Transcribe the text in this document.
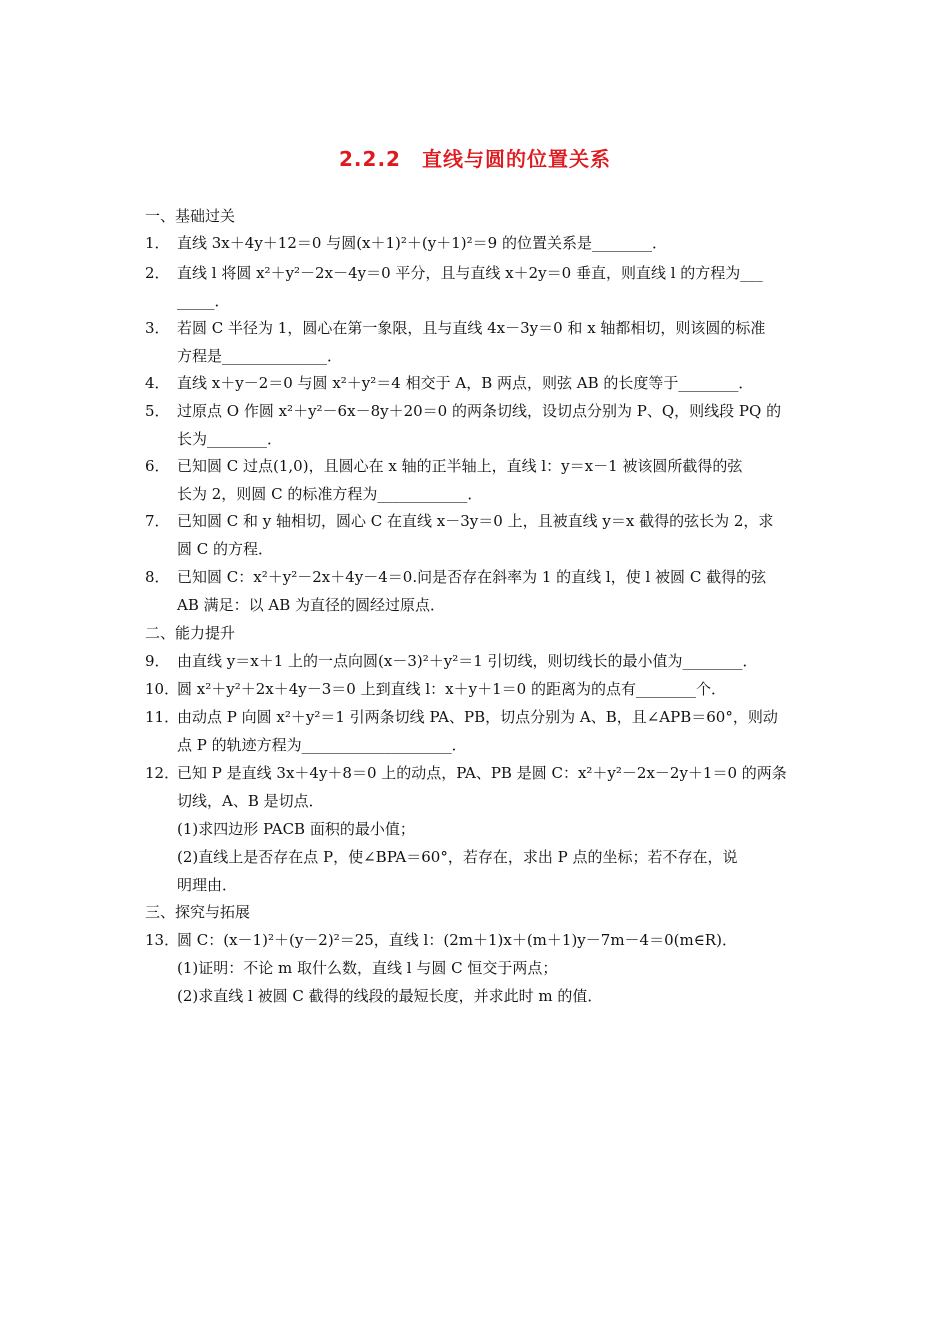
2.2.2　直线与圆的位置关系
一、基础过关
1． 直线 3x＋4y＋12＝0 与圆(x＋1)²＋(y＋1)²＝9 的位置关系是________．
2． 直线 l 将圆 x²＋y²－2x－4y＝0 平分，且与直线 x＋2y＝0 垂直，则直线 l 的方程为___
_____．
3． 若圆 C 半径为 1，圆心在第一象限，且与直线 4x－3y＝0 和 x 轴都相切，则该圆的标准
方程是______________．
4． 直线 x＋y－2＝0 与圆 x²＋y²＝4 相交于 A，B 两点，则弦 AB 的长度等于________．
5． 过原点 O 作圆 x²＋y²－6x－8y＋20＝0 的两条切线，设切点分别为 P、Q，则线段 PQ 的
长为________．
6． 已知圆 C 过点(1,0)，且圆心在 x 轴的正半轴上，直线 l：y＝x－1 被该圆所截得的弦
长为 2，则圆 C 的标准方程为____________．
7． 已知圆 C 和 y 轴相切，圆心 C 在直线 x－3y＝0 上，且被直线 y＝x 截得的弦长为 2，求
圆 C 的方程．
8． 已知圆 C：x²＋y²－2x＋4y－4＝0.问是否存在斜率为 1 的直线 l，使 l 被圆 C 截得的弦
AB 满足：以 AB 为直径的圆经过原点．
二、能力提升
9． 由直线 y＝x＋1 上的一点向圆(x－3)²＋y²＝1 引切线，则切线长的最小值为________．
10．
圆 x²＋y²＋2x＋4y－3＝0 上到直线 l：x＋y＋1＝0 的距离为的点有________个．
11．
由动点 P 向圆 x²＋y²＝1 引两条切线 PA、PB，切点分别为 A、B，且∠APB＝60°，则动
点 P 的轨迹方程为____________________．
12．
已知 P 是直线 3x＋4y＋8＝0 上的动点，PA、PB 是圆 C：x²＋y²－2x－2y＋1＝0 的两条
切线，A、B 是切点．
(1)求四边形 PACB 面积的最小值；
(2)直线上是否存在点 P，使∠BPA＝60°，若存在，求出 P 点的坐标；若不存在，说
明理由．
三、探究与拓展
13．
圆 C：(x－1)²＋(y－2)²＝25，直线 l：(2m＋1)x＋(m＋1)y－7m－4＝0(m∈R)．
(1)证明：不论 m 取什么数，直线 l 与圆 C 恒交于两点；
(2)求直线 l 被圆 C 截得的线段的最短长度，并求此时 m 的值．
